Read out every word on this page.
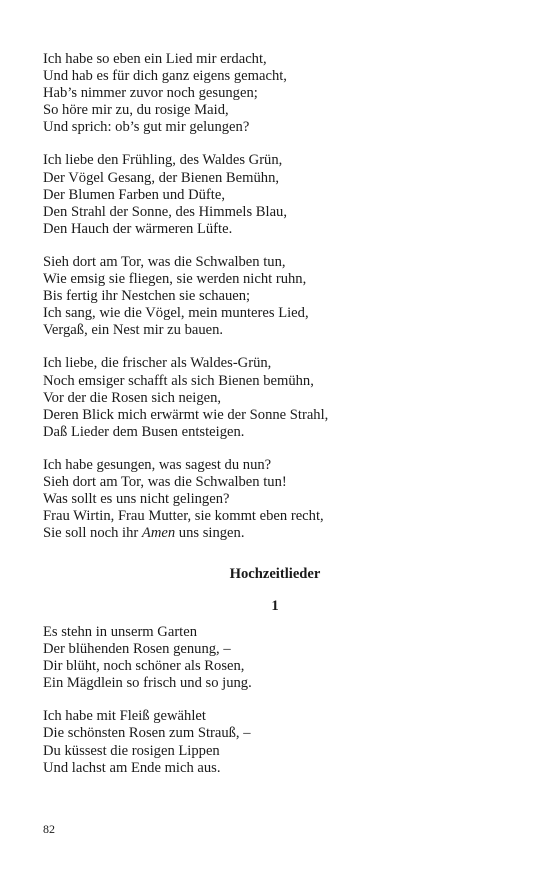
Ich habe so eben ein Lied mir erdacht,
Und hab es für dich ganz eigens gemacht,
Hab’s nimmer zuvor noch gesungen;
So höre mir zu, du rosige Maid,
Und sprich: ob’s gut mir gelungen?
Ich liebe den Frühling, des Waldes Grün,
Der Vögel Gesang, der Bienen Bemühn,
Der Blumen Farben und Düfte,
Den Strahl der Sonne, des Himmels Blau,
Den Hauch der wärmeren Lüfte.
Sieh dort am Tor, was die Schwalben tun,
Wie emsig sie fliegen, sie werden nicht ruhn,
Bis fertig ihr Nestchen sie schauen;
Ich sang, wie die Vögel, mein munteres Lied,
Vergaß, ein Nest mir zu bauen.
Ich liebe, die frischer als Waldes-Grün,
Noch emsiger schafft als sich Bienen bemühn,
Vor der die Rosen sich neigen,
Deren Blick mich erwärmt wie der Sonne Strahl,
Daß Lieder dem Busen entsteigen.
Ich habe gesungen, was sagest du nun?
Sieh dort am Tor, was die Schwalben tun!
Was sollt es uns nicht gelingen?
Frau Wirtin, Frau Mutter, sie kommt eben recht,
Sie soll noch ihr Amen uns singen.
Hochzeitlieder
1
Es stehn in unserm Garten
Der blühenden Rosen genung, –
Dir blüht, noch schöner als Rosen,
Ein Mägdlein so frisch und so jung.
Ich habe mit Fleiß gewählet
Die schönsten Rosen zum Strauß, –
Du küssest die rosigen Lippen
Und lachst am Ende mich aus.
82
